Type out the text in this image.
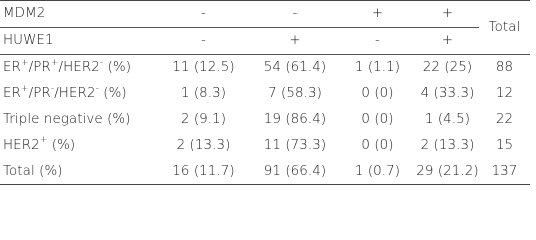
MDM2	-	-	+	+	Total
HUWE1	-	+	-	+	
ER+/PR+/HER2- (%)	11 (12.5)	54 (61.4)	1 (1.1)	22 (25)	88
ER+/PR-/HER2- (%)	1 (8.3)	7 (58.3)	0 (0)	4 (33.3)	12
Triple negative (%)	2 (9.1)	19 (86.4)	0 (0)	1 (4.5)	22
HER2+ (%)	2 (13.3)	11 (73.3)	0 (0)	2 (13.3)	15
Total (%)	16 (11.7)	91 (66.4)	1 (0.7)	29 (21.2)	137
